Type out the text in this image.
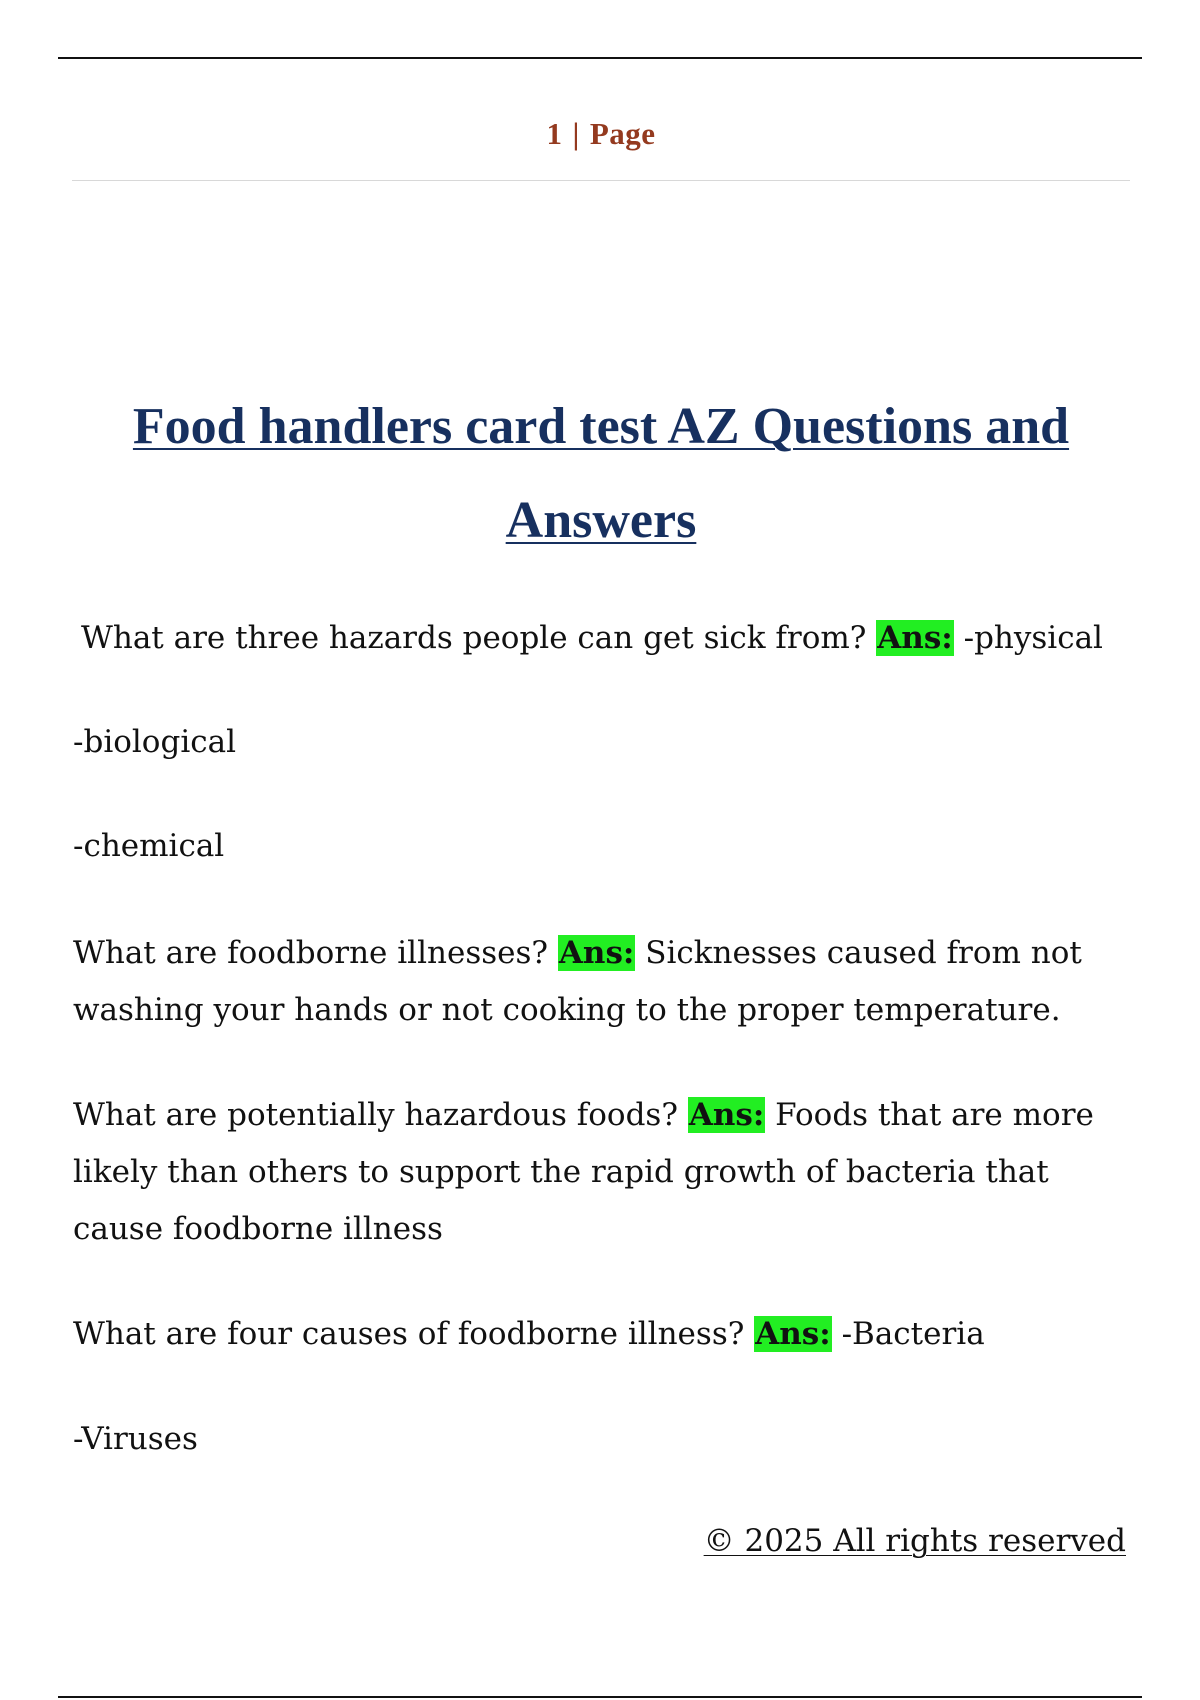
1 | Page
Food handlers card test AZ Questions and Answers

What are three hazards people can get sick from? Ans: -physical

-biological

-chemical

What are foodborne illnesses? Ans: Sicknesses caused from not washing your hands or not cooking to the proper temperature.

What are potentially hazardous foods? Ans: Foods that are more likely than others to support the rapid growth of bacteria that cause foodborne illness

What are four causes of foodborne illness? Ans: -Bacteria

-Viruses

© 2025 All rights reserved
